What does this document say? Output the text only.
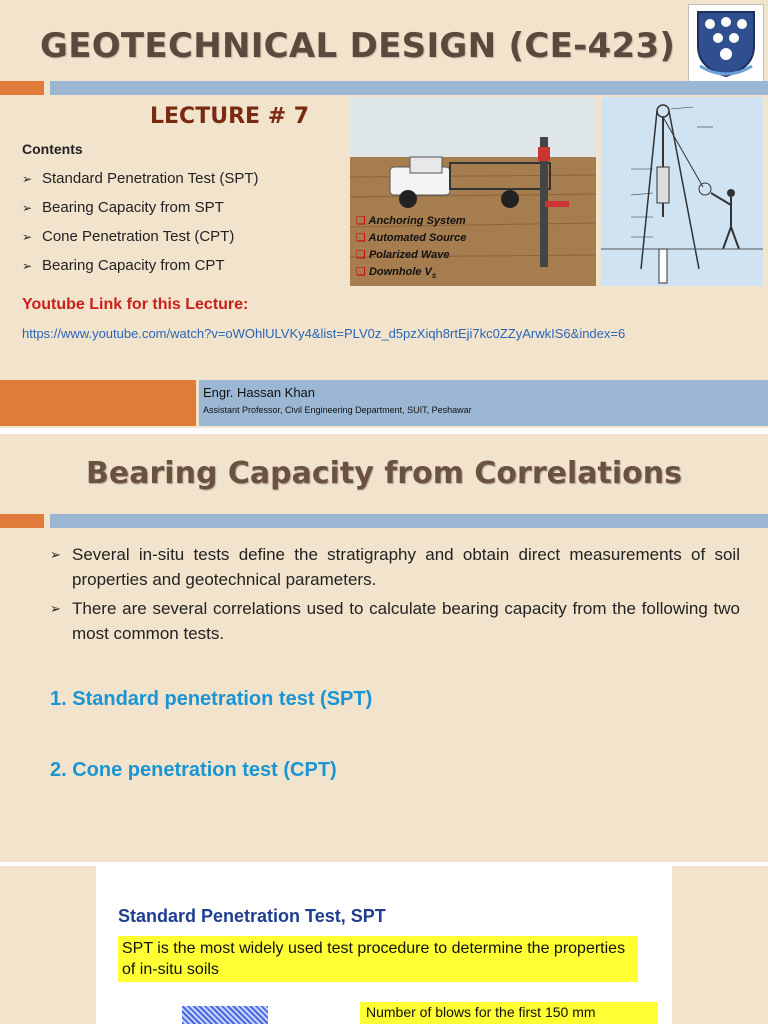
GEOTECHNICAL DESIGN (CE-423)
LECTURE # 7
Contents
➢ Standard Penetration Test (SPT)
➢ Bearing Capacity from SPT
➢ Cone Penetration Test (CPT)
➢ Bearing Capacity from CPT
❑ Anchoring System
❑ Automated Source
❑ Polarized Wave
❑ Downhole $V_s$
Youtube Link for this Lecture:
https://www.youtube.com/watch?v=oWOhlULVKy4&list=PLV0z_d5pzXiqh8rtEji7kc0ZZyArwkIS6&index=6
Engr. Hassan Khan
Assistant Professor, Civil Engineering Department, SUIT, Peshawar
Bearing Capacity from Correlations
➢ Several in-situ tests define the stratigraphy and obtain direct measurements of soil properties and geotechnical parameters.
➢ There are several correlations used to calculate bearing capacity from the following two most common tests.
1. Standard penetration test (SPT)
2. Cone penetration test (CPT)
Standard Penetration Test, SPT
SPT is the most widely used test procedure to determine the properties of in-situ soils
Number of blows for the first 150 mm
